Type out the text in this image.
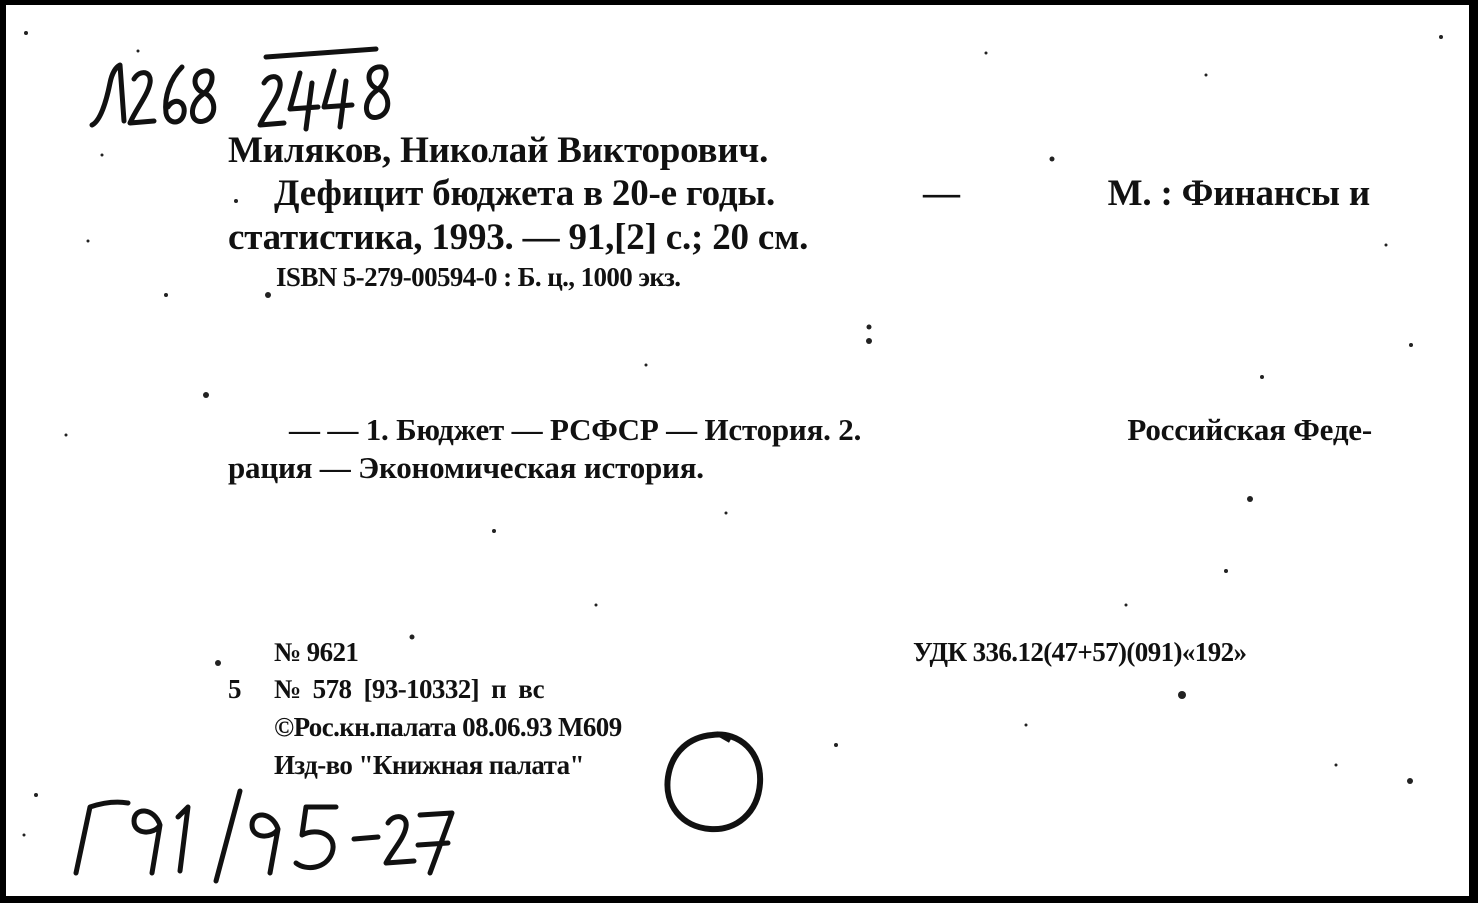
Миляков, Николай Викторович.
Дефицит бюджета в 20-е годы.	—	М. : Финансы и
статистика, 1993. — 91,[2] с.; 20 см.
ISBN 5-279-00594-0 : Б. ц., 1000 экз.
— — 1. Бюджет — РСФСР — История. 2.	Российская Феде-
рация — Экономическая история.
№ 9621
5 № 578 [93-10332] п вс
©Рос.кн.палата 08.06.93 М609
Изд-во "Книжная палата"
УДК 336.12(47+57)(091)«192»
